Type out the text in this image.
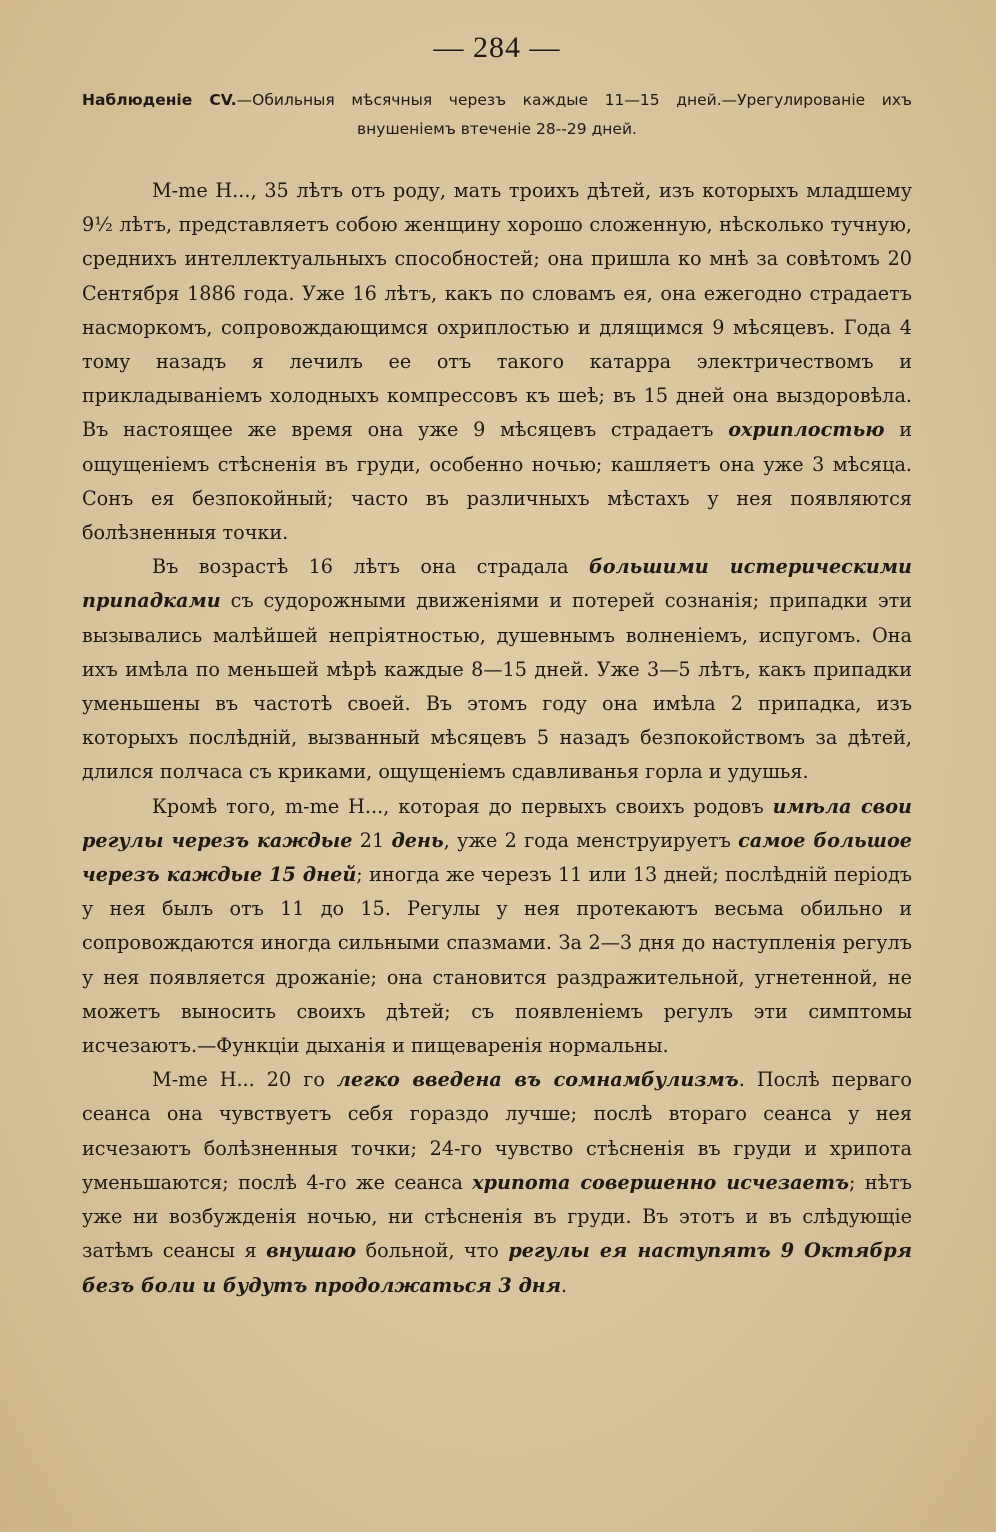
— 284 —
Наблюденіе CV.—Обильныя мѣсячныя черезъ каждые 11—15 дней.—Урегулированіе ихъ внушеніемъ втеченіе 28--29 дней.

М-me Н...‚ 35 лѣтъ отъ роду, мать троихъ дѣтей, изъ которыхъ младшему 9½ лѣтъ, представляетъ собою женщину хорошо сложенную, нѣсколько тучную, среднихъ интеллектуальныхъ способностей; она пришла ко мнѣ за совѣтомъ 20 Сентября 1886 года. Уже 16 лѣтъ, какъ по словамъ ея, она ежегодно страдаетъ насморкомъ, сопровождающимся охриплостью и длящимся 9 мѣсяцевъ. Года 4 тому назадъ я лечилъ ее отъ такого катарра электричествомъ и прикладываніемъ холодныхъ компрессовъ къ шеѣ; въ 15 дней она выздоровѣла. Въ настоящее же время она уже 9 мѣсяцевъ страдаетъ охриплостью и ощущеніемъ стѣсненія въ груди, особенно ночью; кашляетъ она уже 3 мѣсяца. Сонъ ея безпокойный; часто въ различныхъ мѣстахъ у нея появляются болѣзненныя точки.

Въ возрастѣ 16 лѣтъ она страдала большими истерическими припадками съ судорожными движеніями и потерей сознанія; припадки эти вызывались малѣйшей непріятностью, душевнымъ волненіемъ, испугомъ. Она ихъ имѣла по меньшей мѣрѣ каждые 8—15 дней. Уже 3—5 лѣтъ, какъ припадки уменьшены въ частотѣ своей. Въ этомъ году она имѣла 2 припадка, изъ которыхъ послѣдній, вызванный мѣсяцевъ 5 назадъ безпокойствомъ за дѣтей, длился полчаса съ криками, ощущеніемъ сдавливанья горла и удушья.

Кромѣ того, m-me Н..., которая до первыхъ своихъ родовъ имѣла свои регулы черезъ каждые 21 день, уже 2 года менструируетъ самое большое черезъ каждые 15 дней; иногда же черезъ 11 или 13 дней; послѣдній періодъ у нея былъ отъ 11 до 15. Регулы у нея протекаютъ весьма обильно и сопровождаются иногда сильными спазмами. За 2—3 дня до наступленія регулъ у нея появляется дрожаніе; она становится раздражительной, угнетенной, не можетъ выносить своихъ дѣтей; съ появленіемъ регулъ эти симптомы исчезаютъ.—Функціи дыханія и пищеваренія нормальны.

М-me Н... 20 го легко введена въ сомнамбулизмъ. Послѣ перваго сеанса она чувствуетъ себя гораздо лучше; послѣ втораго сеанса у нея исчезаютъ болѣзненныя точки; 24-го чувство стѣсненія въ груди и хрипота уменьшаются; послѣ 4-го же сеанса хрипота совершенно исчезаетъ; нѣтъ уже ни возбужденія ночью, ни стѣсненія въ груди. Въ этотъ и въ слѣдующіе затѣмъ сеансы я внушаю больной, что регулы ея наступятъ 9 Октября безъ боли и будутъ продолжаться 3 дня.
